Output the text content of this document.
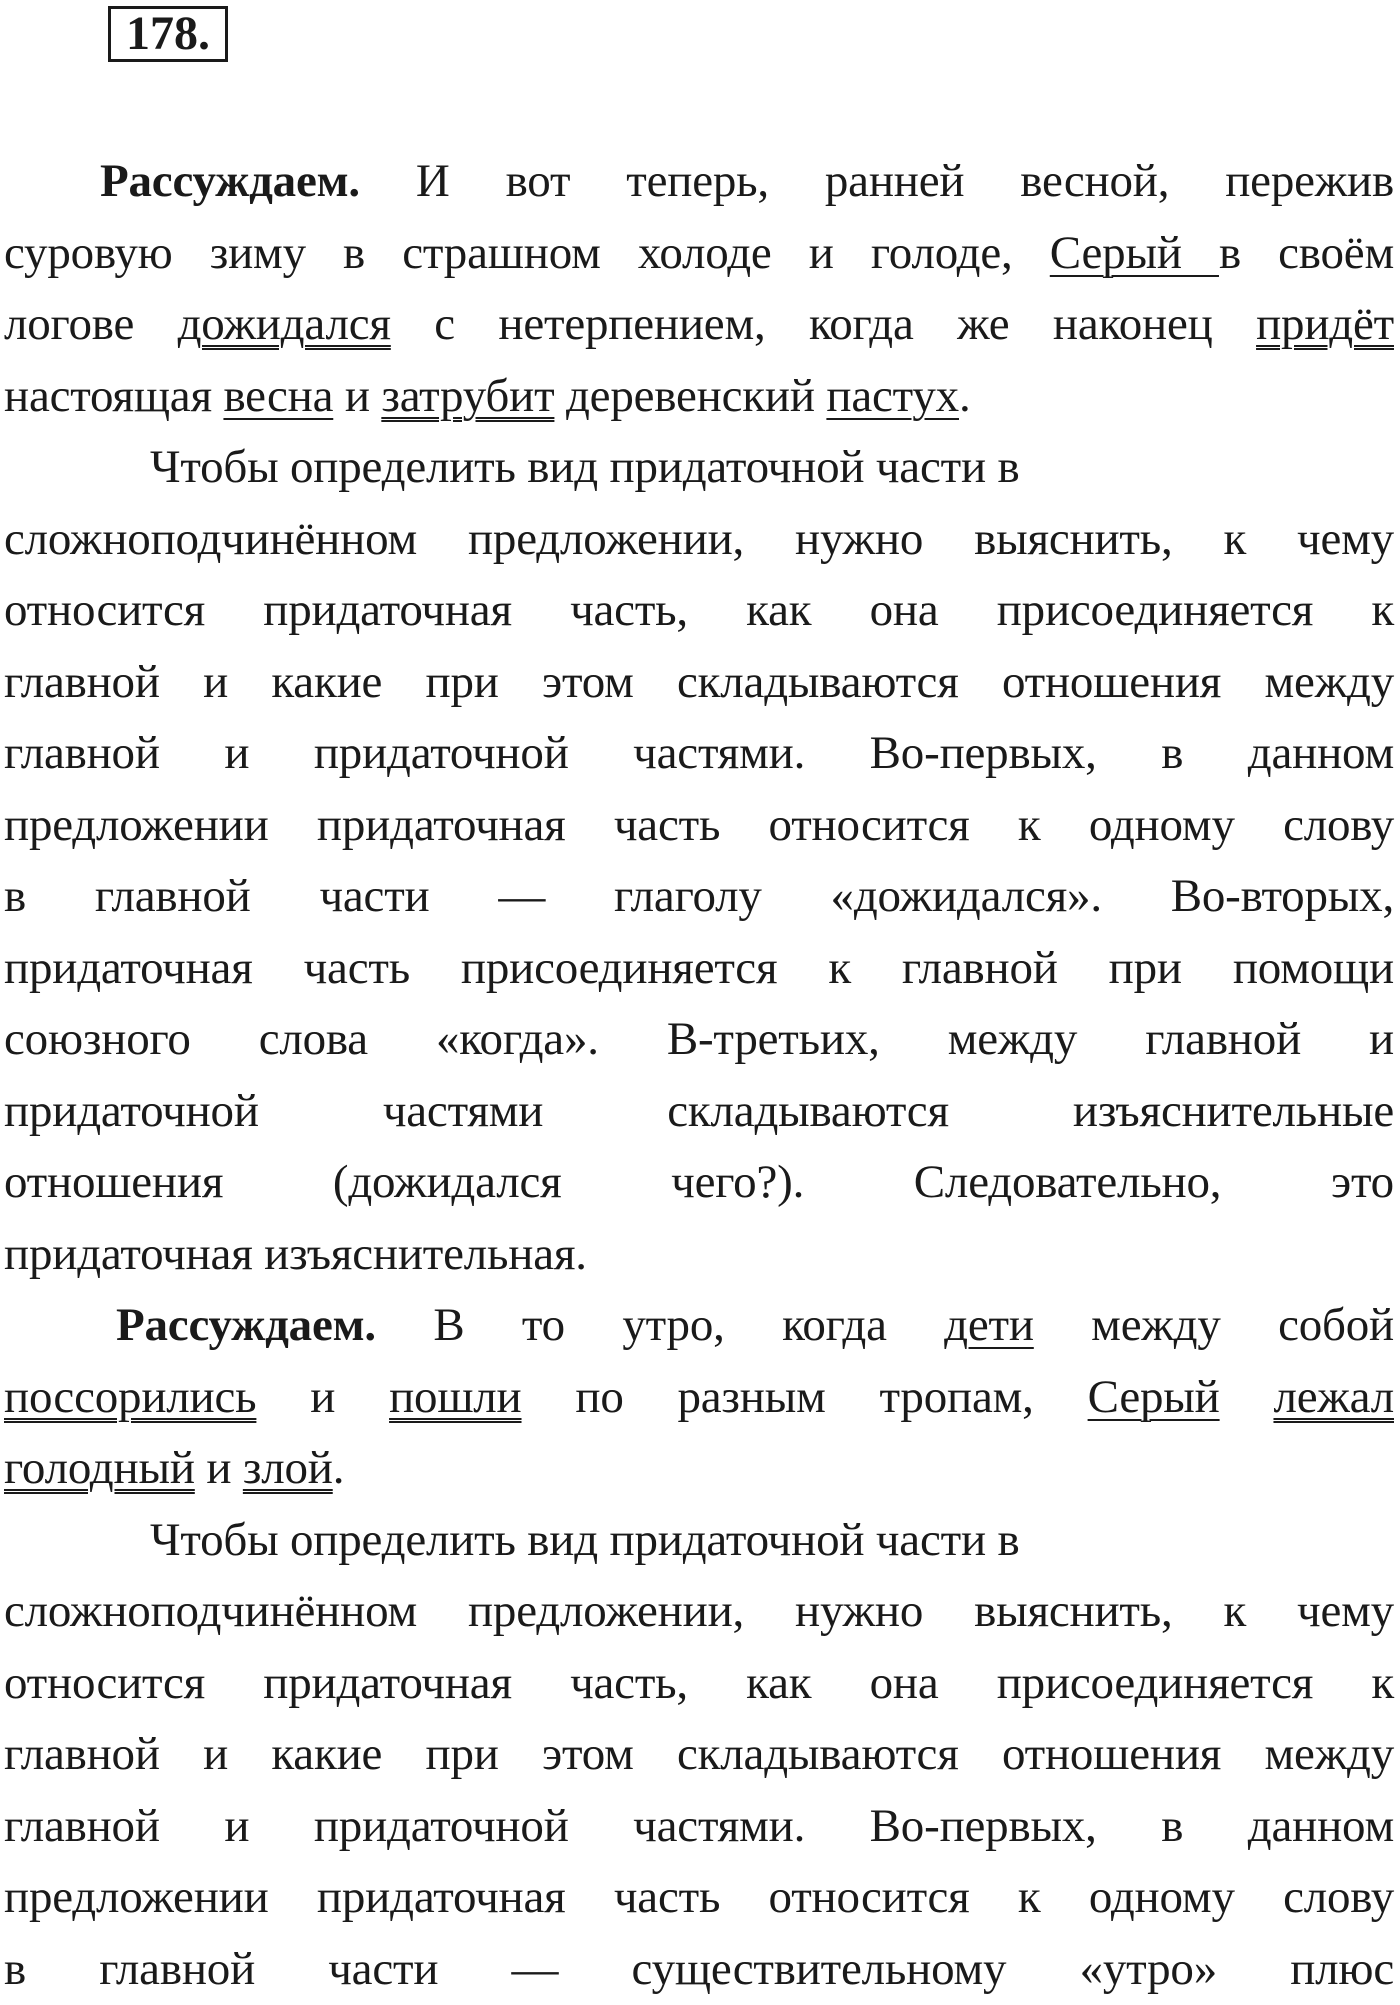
178.
Рассуждаем. И вот теперь, ранней весной, пережив
суровую зиму в страшном холоде и голоде, Серый в своём
логове дожидался с нетерпением, когда же наконец придёт
настоящая весна и затрубит деревенский пастух.
Чтобы определить вид придаточной части в
сложноподчинённом предложении, нужно выяснить, к чему
относится придаточная часть, как она присоединяется к
главной и какие при этом складываются отношения между
главной и придаточной частями. Во-первых, в данном
предложении придаточная часть относится к одному слову
в главной части — глаголу «дожидался». Во-вторых,
придаточная часть присоединяется к главной при помощи
союзного слова «когда». В-третьих, между главной и
придаточной частями складываются изъяснительные
отношения (дожидался чего?). Следовательно, это
придаточная изъяснительная.
Рассуждаем. В то утро, когда дети между собой
поссорились и пошли по разным тропам, Серый лежал
голодный и злой.
Чтобы определить вид придаточной части в
сложноподчинённом предложении, нужно выяснить, к чему
относится придаточная часть, как она присоединяется к
главной и какие при этом складываются отношения между
главной и придаточной частями. Во-первых, в данном
предложении придаточная часть относится к одному слову
в главной части — существительному «утро» плюс
